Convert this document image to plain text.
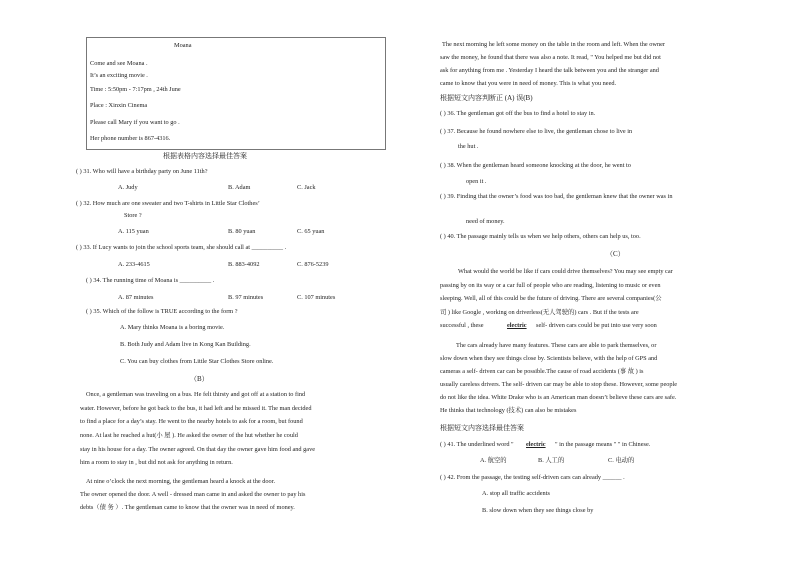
Moana
Come and see Moana .
It’s an exciting movie .
Time : 5:50pm - 7:17pm , 24th June
Place : Xinxin Cinema
Please call Mary if you want to go .
Her phone number is 867-4316.
根据表格内容选择最佳答案
( ) 31. Who will have a birthday party on June 11th?
A. Judy	B. Adam	C. Jack
( ) 32. How much are one sweater and two T-shirts in Little Star Clothes’
Store ?
A. 115 yuan	B. 80 yuan	C. 65 yuan
( ) 33. If Lucy wants to join the school sports team, she should call at __________ .
A. 233-4615	B. 883-4092	C. 876-5239
( ) 34. The running time of Moana is __________ .
A. 87 minutes	B. 97 minutes	C. 107 minutes
( ) 35. Which of the follow is TRUE according to the form ?
A. Mary thinks Moana is a boring movie.
B. Both Judy and Adam live in Kong Kan Building.
C. You can buy clothes from Little Star Clothes Store online.
（B）
Once, a gentleman was traveling on a bus. He felt thirsty and got off at a station to find
water. However, before he got back to the bus, it had left and he missed it. The man decided
to find a place for a day’s stay. He went to the nearby hotels to ask for a room, but found
none. At last he reached a hut(小 屋 ). He asked the owner of the hut whether he could
stay in his house for a day. The owner agreed. On that day the owner gave him food and gave
him a room to stay in , but did not ask for anything in return.
At nine o’clock the next morning, the gentleman heard a knock at the door.
The owner opened the door. A well - dressed man came in and asked the owner to pay his
debts（债 务 ）. The gentleman came to know that the owner was in need of money.
The next morning he left some money on the table in the room and left. When the owner
saw the money, he found that there was also a note. It read, " You helped me but did not
ask for anything from me . Yesterday I heard the talk between you and the stranger and
came to know that you were in need of money. This is what you need.
根据短文内容判断正 (A) 误(B)
( ) 36. The gentleman got off the bus to find a hotel to stay in.
( ) 37. Because he found nowhere else to live, the gentleman chose to live in
the hut .
( ) 38. When the gentleman heard someone knocking at the door, he went to
open it .
( ) 39. Finding that the owner’s food was too bad, the gentleman knew that the owner was in
need of money.
( ) 40. The passage mainly tells us when we help others, others can help us, too.
（C）
What would the world be like if cars could drive themselves? You may see empty car
passing by on its way or a car full of people who are reading, listening to music or even
sleeping. Well, all of this could be the future of driving. There are several companies(公
司 ) like Google , working on driverless(无人驾驶的) cars . But if the tests are
successful , these	electric self- driven cars could be put into use very soon
The cars already have many features. These cars are able to park themselves, or
slow down when they see things close by. Scientists believe, with the help of GPS and
cameras a self- driven car can be possible.The cause of road accidents (事 故 ) is
usually careless drivers. The self- driven car may be able to stop these. However, some people
do not like the idea. White Drake who is an American man doesn’t believe these cars are safe.
He thinks that technology (技术) can also be mistakes
根据短文内容选择最佳答案
( ) 41. The underlined word " electric " in the passage means " " in Chinese.
A. 航空的	B. 人工的	C. 电动的
( ) 42. From the passage, the testing self-driven cars can already ______ .
A. stop all traffic accidents
B. slow down when they see things close by
